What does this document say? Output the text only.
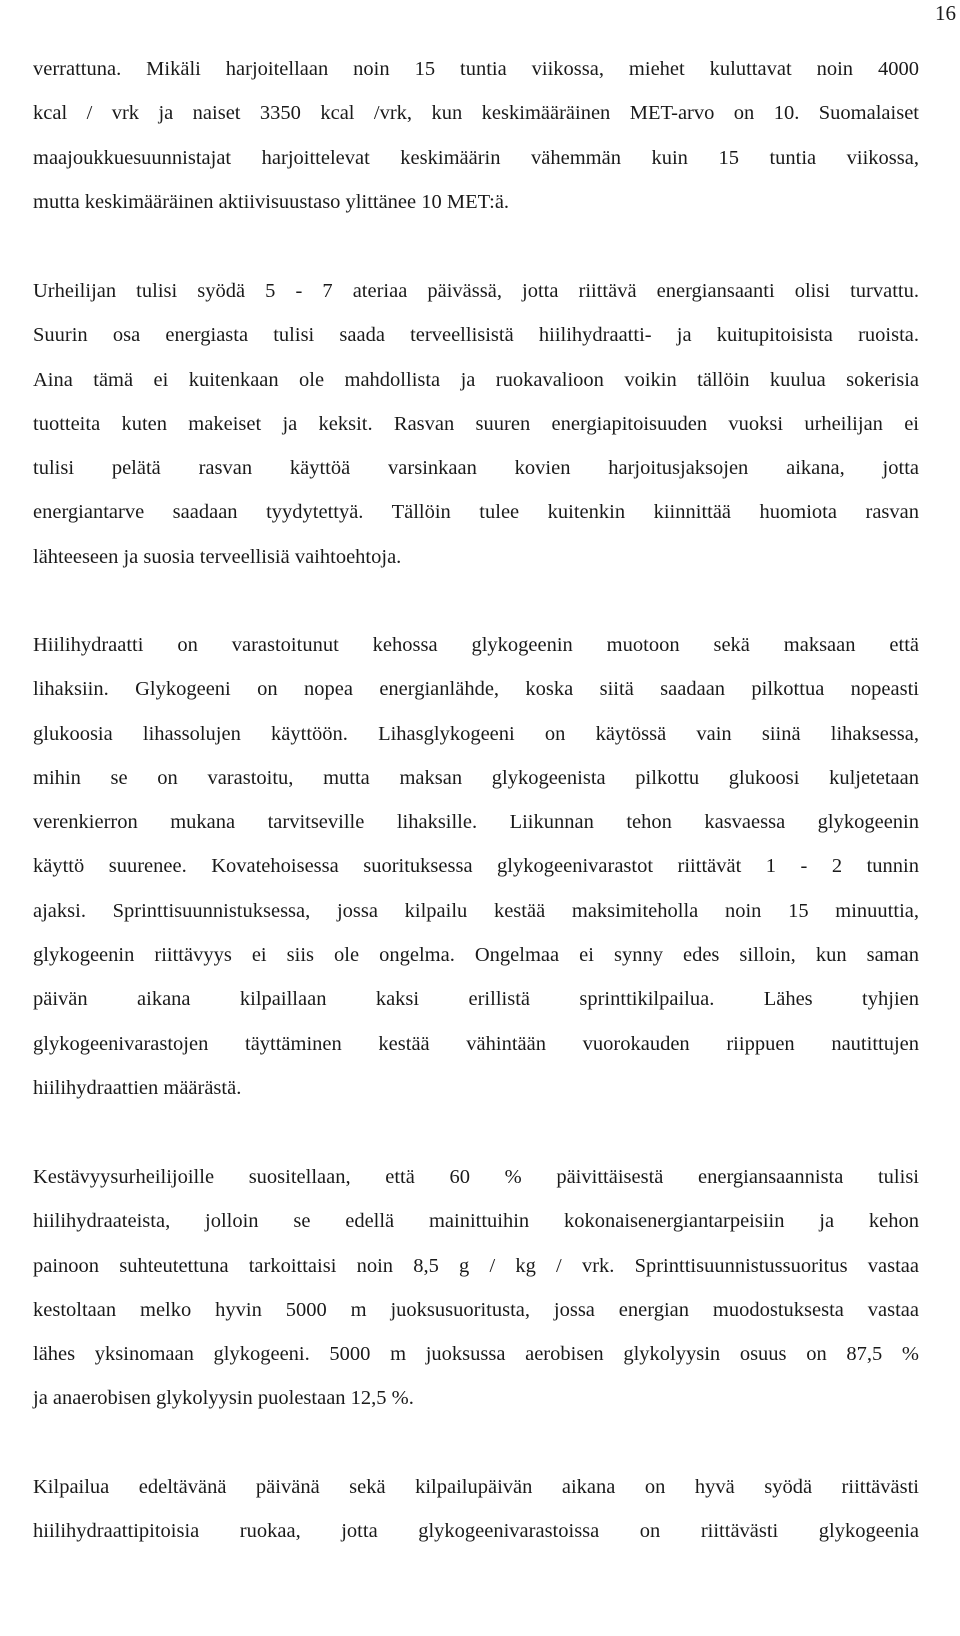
16

verrattuna. Mikäli harjoitellaan noin 15 tuntia viikossa, miehet kuluttavat noin 4000
kcal / vrk ja naiset 3350 kcal /vrk, kun keskimääräinen MET-arvo on 10. Suomalaiset
maajoukkuesuunnistajat harjoittelevat keskimäärin vähemmän kuin 15 tuntia viikossa,
mutta keskimääräinen aktiivisuustaso ylittänee 10 MET:ä.

Urheilijan tulisi syödä 5 - 7 ateriaa päivässä, jotta riittävä energiansaanti olisi turvattu.
Suurin osa energiasta tulisi saada terveellisistä hiilihydraatti- ja kuitupitoisista ruoista.
Aina tämä ei kuitenkaan ole mahdollista ja ruokavalioon voikin tällöin kuulua sokerisia
tuotteita kuten makeiset ja keksit. Rasvan suuren energiapitoisuuden vuoksi urheilijan ei
tulisi pelätä rasvan käyttöä varsinkaan kovien harjoitusjaksojen aikana, jotta
energiantarve saadaan tyydytettyä. Tällöin tulee kuitenkin kiinnittää huomiota rasvan
lähteeseen ja suosia terveellisiä vaihtoehtoja.

Hiilihydraatti on varastoitunut kehossa glykogeenin muotoon sekä maksaan että
lihaksiin. Glykogeeni on nopea energianlähde, koska siitä saadaan pilkottua nopeasti
glukoosia lihassolujen käyttöön. Lihasglykogeeni on käytössä vain siinä lihaksessa,
mihin se on varastoitu, mutta maksan glykogeenista pilkottu glukoosi kuljetetaan
verenkierron mukana tarvitseville lihaksille. Liikunnan tehon kasvaessa glykogeenin
käyttö suurenee. Kovatehoisessa suorituksessa glykogeenivarastot riittävät 1 - 2 tunnin
ajaksi. Sprinttisuunnistuksessa, jossa kilpailu kestää maksimiteholla noin 15 minuuttia,
glykogeenin riittävyys ei siis ole ongelma. Ongelmaa ei synny edes silloin, kun saman
päivän aikana kilpaillaan kaksi erillistä sprinttikilpailua. Lähes tyhjien
glykogeenivarastojen täyttäminen kestää vähintään vuorokauden riippuen nautittujen
hiilihydraattien määrästä.

Kestävyysurheilijoille suositellaan, että 60 % päivittäisestä energiansaannista tulisi
hiilihydraateista, jolloin se edellä mainittuihin kokonaisenergiantarpeisiin ja kehon
painoon suhteutettuna tarkoittaisi noin 8,5 g / kg / vrk. Sprinttisuunnistussuoritus vastaa
kestoltaan melko hyvin 5000 m juoksusuoritusta, jossa energian muodostuksesta vastaa
lähes yksinomaan glykogeeni. 5000 m juoksussa aerobisen glykolyysin osuus on 87,5 %
ja anaerobisen glykolyysin puolestaan 12,5 %.

Kilpailua edeltävänä päivänä sekä kilpailupäivän aikana on hyvä syödä riittävästi
hiilihydraattipitoisia ruokaa, jotta glykogeenivarastoissa on riittävästi glykogeenia
